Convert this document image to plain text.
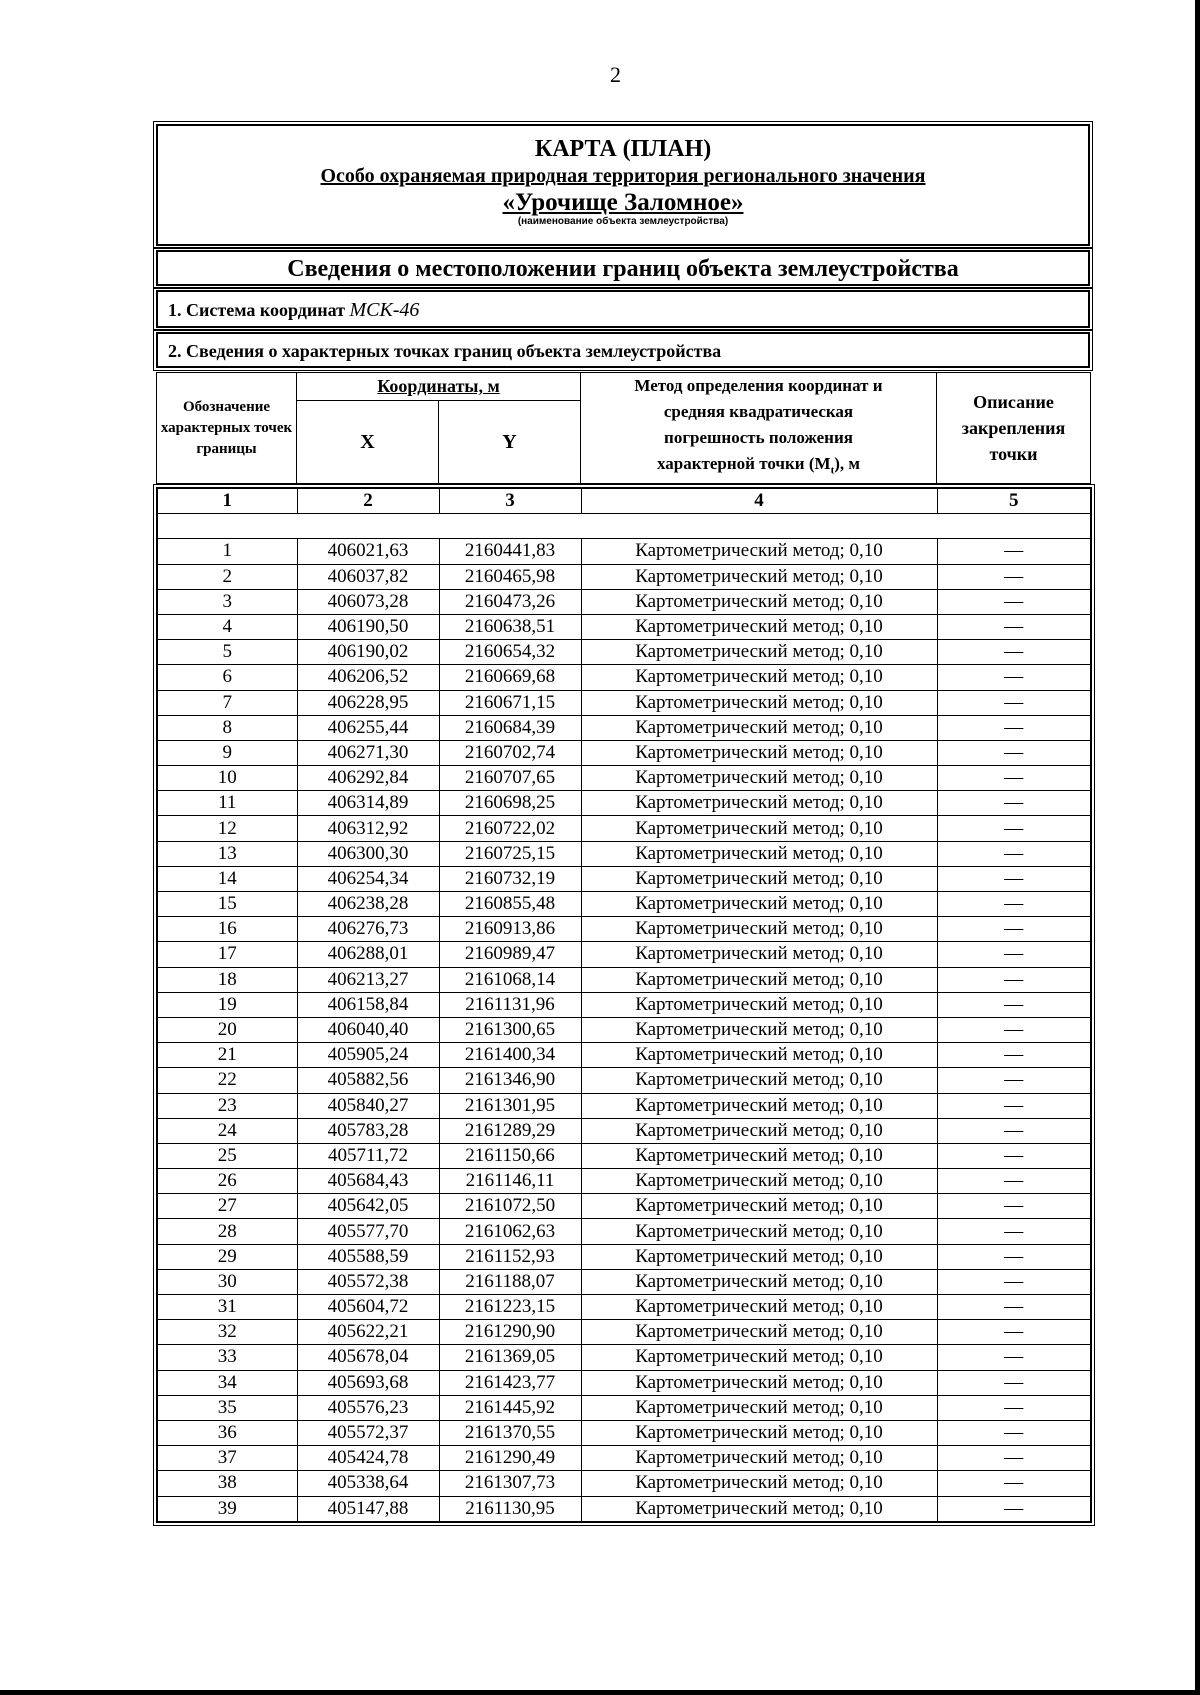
2
КАРТА (ПЛАН)
Особо охраняемая природная территория регионального значения
«Урочище Заломное»
(наименование объекта землеустройства)
Сведения о местоположении границ объекта землеустройства
1. Система координат МСК-46
2. Сведения о характерных точках границ объекта землеустройства
Обозначение характерных точек границы	Координаты, м		Метод определения координат и
средняя квадратическая
погрешность положения
характерной точки $(M_t)$, м	Описание закрепления точки
	X	Y		
1	2	3	4	5

1	406021,63	2160441,83	Картометрический метод; 0,10	—
2	406037,82	2160465,98	Картометрический метод; 0,10	—
3	406073,28	2160473,26	Картометрический метод; 0,10	—
4	406190,50	2160638,51	Картометрический метод; 0,10	—
5	406190,02	2160654,32	Картометрический метод; 0,10	—
6	406206,52	2160669,68	Картометрический метод; 0,10	—
7	406228,95	2160671,15	Картометрический метод; 0,10	—
8	406255,44	2160684,39	Картометрический метод; 0,10	—
9	406271,30	2160702,74	Картометрический метод; 0,10	—
10	406292,84	2160707,65	Картометрический метод; 0,10	—
11	406314,89	2160698,25	Картометрический метод; 0,10	—
12	406312,92	2160722,02	Картометрический метод; 0,10	—
13	406300,30	2160725,15	Картометрический метод; 0,10	—
14	406254,34	2160732,19	Картометрический метод; 0,10	—
15	406238,28	2160855,48	Картометрический метод; 0,10	—
16	406276,73	2160913,86	Картометрический метод; 0,10	—
17	406288,01	2160989,47	Картометрический метод; 0,10	—
18	406213,27	2161068,14	Картометрический метод; 0,10	—
19	406158,84	2161131,96	Картометрический метод; 0,10	—
20	406040,40	2161300,65	Картометрический метод; 0,10	—
21	405905,24	2161400,34	Картометрический метод; 0,10	—
22	405882,56	2161346,90	Картометрический метод; 0,10	—
23	405840,27	2161301,95	Картометрический метод; 0,10	—
24	405783,28	2161289,29	Картометрический метод; 0,10	—
25	405711,72	2161150,66	Картометрический метод; 0,10	—
26	405684,43	2161146,11	Картометрический метод; 0,10	—
27	405642,05	2161072,50	Картометрический метод; 0,10	—
28	405577,70	2161062,63	Картометрический метод; 0,10	—
29	405588,59	2161152,93	Картометрический метод; 0,10	—
30	405572,38	2161188,07	Картометрический метод; 0,10	—
31	405604,72	2161223,15	Картометрический метод; 0,10	—
32	405622,21	2161290,90	Картометрический метод; 0,10	—
33	405678,04	2161369,05	Картометрический метод; 0,10	—
34	405693,68	2161423,77	Картометрический метод; 0,10	—
35	405576,23	2161445,92	Картометрический метод; 0,10	—
36	405572,37	2161370,55	Картометрический метод; 0,10	—
37	405424,78	2161290,49	Картометрический метод; 0,10	—
38	405338,64	2161307,73	Картометрический метод; 0,10	—
39	405147,88	2161130,95	Картометрический метод; 0,10	—
